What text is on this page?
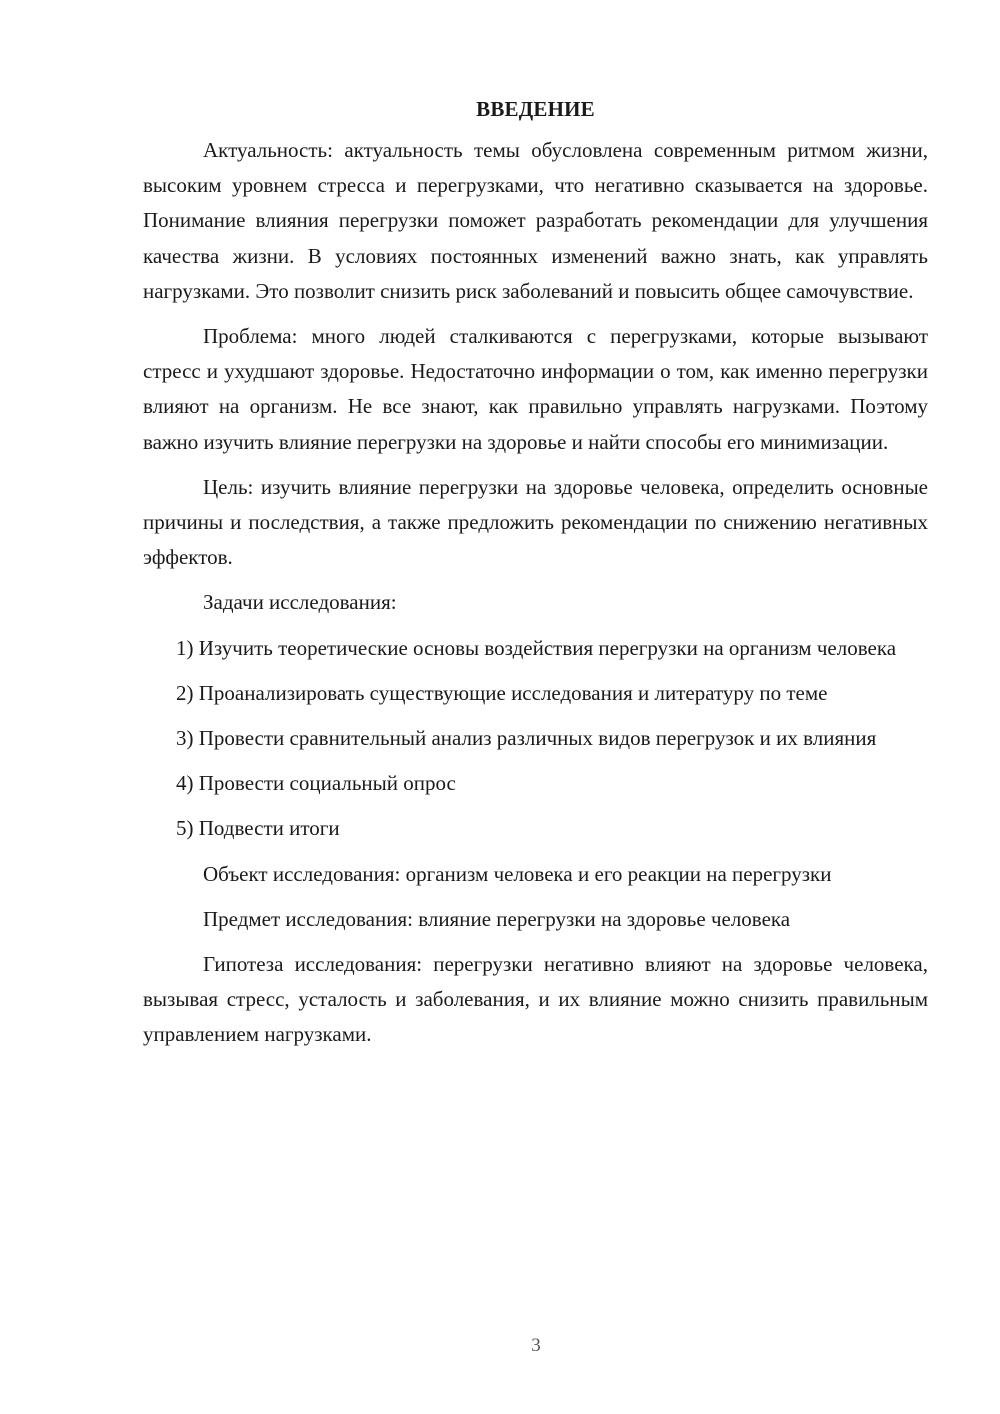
ВВЕДЕНИЕ

Актуальность: актуальность темы обусловлена современным ритмом жизни, высоким уровнем стресса и перегрузками, что негативно сказывается на здоровье. Понимание влияния перегрузки поможет разработать рекомендации для улучшения качества жизни. В условиях постоянных изменений важно знать, как управлять нагрузками. Это позволит снизить риск заболеваний и повысить общее самочувствие.

Проблема: много людей сталкиваются с перегрузками, которые вызывают стресс и ухудшают здоровье. Недостаточно информации о том, как именно перегрузки влияют на организм. Не все знают, как правильно управлять нагрузками. Поэтому важно изучить влияние перегрузки на здоровье и найти способы его минимизации.

Цель: изучить влияние перегрузки на здоровье человека, определить основные причины и последствия, а также предложить рекомендации по снижению негативных эффектов.

Задачи исследования:

1) Изучить теоретические основы воздействия перегрузки на организм человека

2) Проанализировать существующие исследования и литературу по теме

3) Провести сравнительный анализ различных видов перегрузок и их влияния

4) Провести социальный опрос

5) Подвести итоги

Объект исследования: организм человека и его реакции на перегрузки

Предмет исследования: влияние перегрузки на здоровье человека

Гипотеза исследования: перегрузки негативно влияют на здоровье человека, вызывая стресс, усталость и заболевания, и их влияние можно снизить правильным управлением нагрузками.

3
